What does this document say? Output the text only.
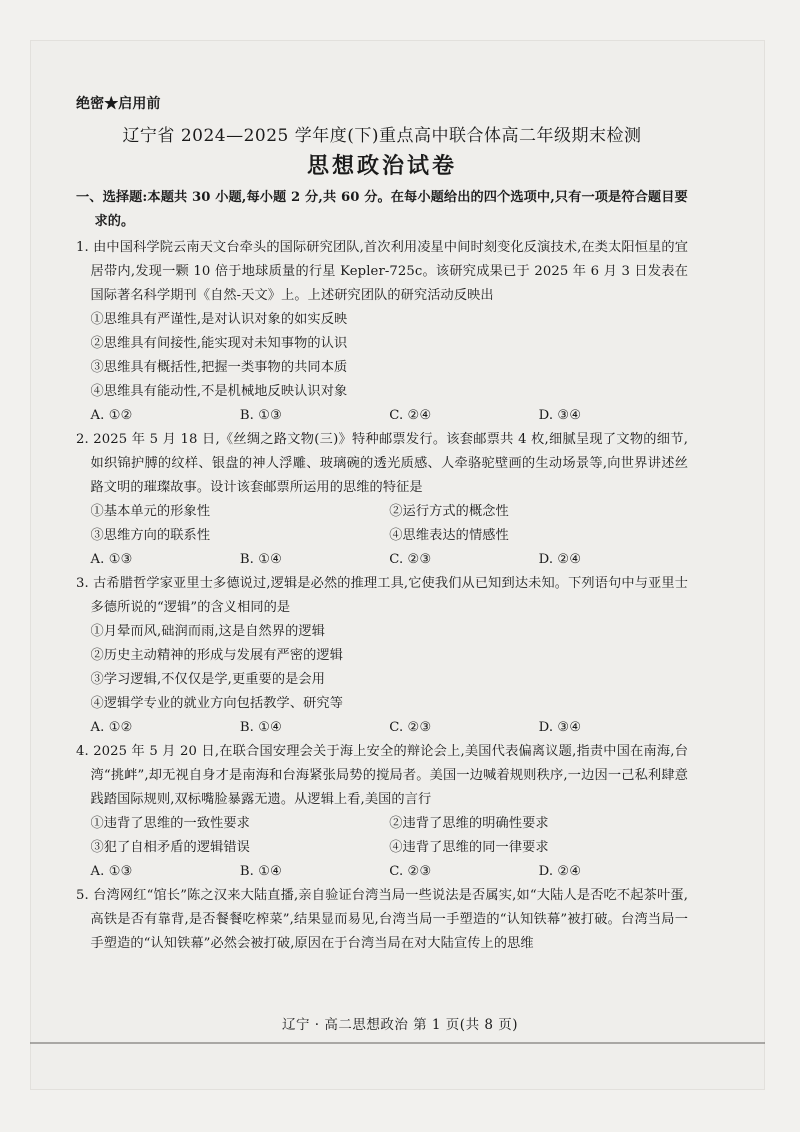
绝密★启用前
辽宁省 2024—2025 学年度(下)重点高中联合体高二年级期末检测
思想政治试卷
一、选择题:本题共 30 小题,每小题 2 分,共 60 分。在每小题给出的四个选项中,只有一项是符合题目要求的。
1. 由中国科学院云南天文台牵头的国际研究团队,首次利用凌星中间时刻变化反演技术,在类太阳恒星的宜居带内,发现一颗 10 倍于地球质量的行星 Kepler-725c。该研究成果已于 2025 年 6 月 3 日发表在国际著名科学期刊《自然-天文》上。上述研究团队的研究活动反映出
①思维具有严谨性,是对认识对象的如实反映
②思维具有间接性,能实现对未知事物的认识
③思维具有概括性,把握一类事物的共同本质
④思维具有能动性,不是机械地反映认识对象
A. ①②	B. ①③	C. ②④	D. ③④
2. 2025 年 5 月 18 日,《丝绸之路文物(三)》特种邮票发行。该套邮票共 4 枚,细腻呈现了文物的细节,如织锦护膊的纹样、银盘的神人浮雕、玻璃碗的透光质感、人牵骆驼壁画的生动场景等,向世界讲述丝路文明的璀璨故事。设计该套邮票所运用的思维的特征是
①基本单元的形象性	②运行方式的概念性
③思维方向的联系性	④思维表达的情感性
A. ①③	B. ①④	C. ②③	D. ②④
3. 古希腊哲学家亚里士多德说过,逻辑是必然的推理工具,它使我们从已知到达未知。下列语句中与亚里士多德所说的“逻辑”的含义相同的是
①月晕而风,础润而雨,这是自然界的逻辑
②历史主动精神的形成与发展有严密的逻辑
③学习逻辑,不仅仅是学,更重要的是会用
④逻辑学专业的就业方向包括教学、研究等
A. ①②	B. ①④	C. ②③	D. ③④
4. 2025 年 5 月 20 日,在联合国安理会关于海上安全的辩论会上,美国代表偏离议题,指责中国在南海,台湾“挑衅”,却无视自身才是南海和台海紧张局势的搅局者。美国一边喊着规则秩序,一边因一己私利肆意践踏国际规则,双标嘴脸暴露无遗。从逻辑上看,美国的言行
①违背了思维的一致性要求	②违背了思维的明确性要求
③犯了自相矛盾的逻辑错误	④违背了思维的同一律要求
A. ①③	B. ①④	C. ②③	D. ②④
5. 台湾网红“馆长”陈之汉来大陆直播,亲自验证台湾当局一些说法是否属实,如“大陆人是否吃不起茶叶蛋,高铁是否有靠背,是否餐餐吃榨菜”,结果显而易见,台湾当局一手塑造的“认知铁幕”被打破。台湾当局一手塑造的“认知铁幕”必然会被打破,原因在于台湾当局在对大陆宣传上的思维
辽宁 · 高二思想政治 第 1 页(共 8 页)
